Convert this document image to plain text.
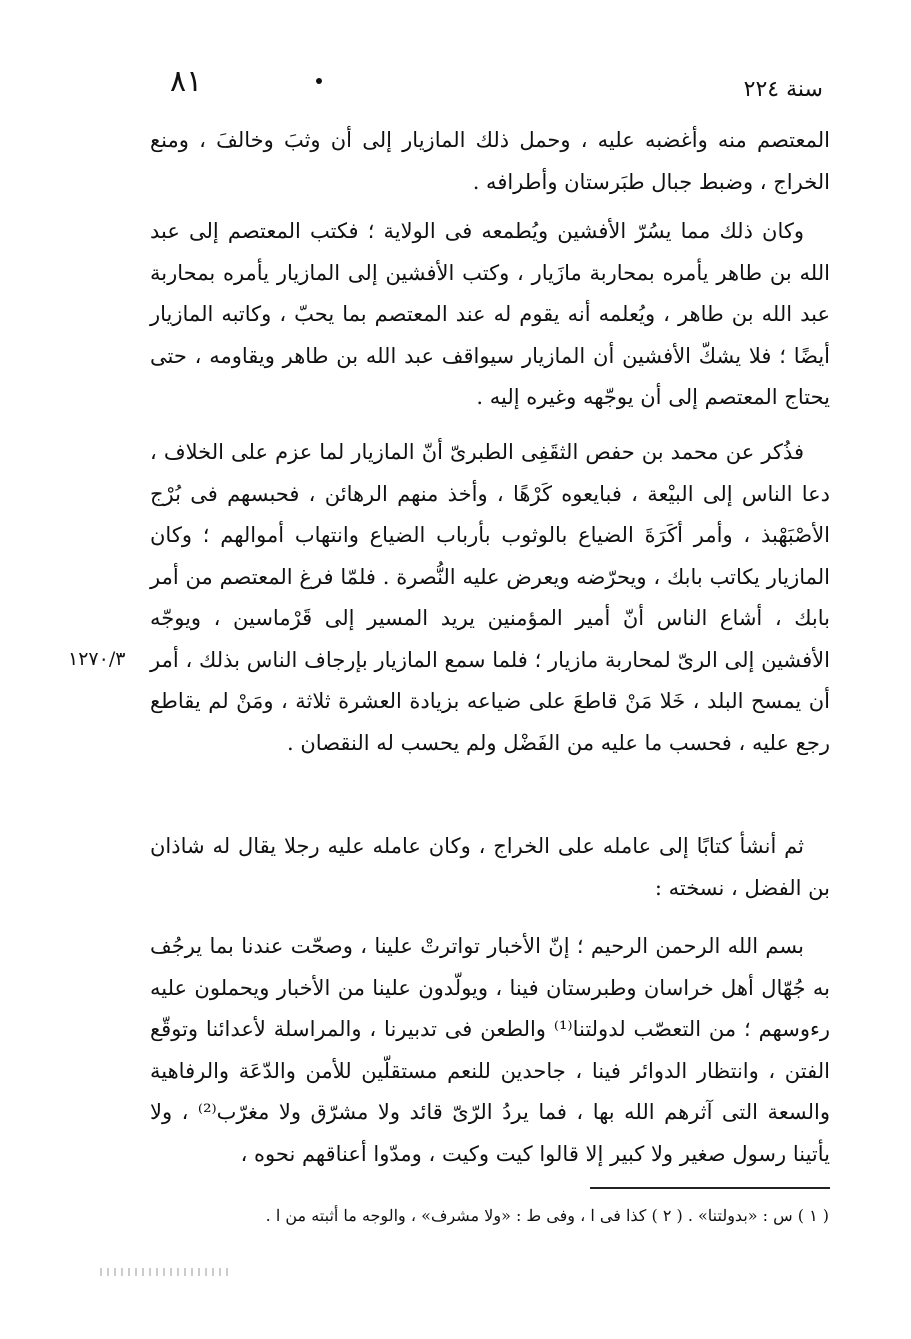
٨١	سنة ٢٢٤

المعتصم منه وأغضبه عليه ، وحمل ذلك المازيار إلى أن وثبَ وخالفَ ، ومنع الخراج ، وضبط جبال طبَرستان وأطرافه .

وكان ذلك مما يسُرّ الأفشين ويُطمعه فى الولاية ؛ فكتب المعتصم إلى عبد الله بن طاهر يأمره بمحاربة مازَيار ، وكتب الأفشين إلى المازيار يأمره بمحاربة عبد الله بن طاهر ، ويُعلمه أنه يقوم له عند المعتصم بما يحبّ ، وكاتبه المازيار أيضًا ؛ فلا يشكّ الأفشين أن المازيار سيواقف عبد الله بن طاهر ويقاومه ، حتى يحتاج المعتصم إلى أن يوجّهه وغيره إليه .

فذُكر عن محمد بن حفص الثقَفِى الطبرىّ أنّ المازيار لما عزم على الخلاف ، دعا الناس إلى البيْعة ، فبايعوه كَرْهًا ، وأخذ منهم الرهائن ، فحبسهم فى بُرْج الأصْبَهْبذ ، وأمر أكَرَةَ الضياع بالوثوب بأرباب الضياع وانتهاب أموالهم ؛ وكان المازيار يكاتب بابك ، ويحرّضه ويعرض عليه النُّصرة . فلمّا فرغ المعتصم من أمر بابك ، أشاع الناس أنّ أمير المؤمنين يريد المسير إلى قَرْماسين ، ويوجّه الأفشين إلى الرىّ لمحاربة مازيار ؛ فلما سمع المازيار بإرجاف الناس بذلك ، أمر أن يمسح البلد ، خَلا مَنْ قاطعَ على ضياعه بزيادة العشرة ثلاثة ، ومَنْ لم يقاطع رجع عليه ، فحسب ما عليه من الفَضْل ولم يحسب له النقصان .

١٢٧٠/٣

ثم أنشأ كتابًا إلى عامله على الخراج ، وكان عامله عليه رجلا يقال له شاذان بن الفضل ، نسخته :

بسم الله الرحمن الرحيم ؛ إنّ الأخبار تواترتْ علينا ، وصحّت عندنا بما يرجُف به جُهّال أهل خراسان وطبرستان فينا ، ويولّدون علينا من الأخبار ويحملون عليه رءوسهم ؛ من التعصّب لدولتنا⁽¹⁾ والطعن فى تدبيرنا ، والمراسلة لأعدائنا وتوقّع الفتن ، وانتظار الدوائر فينا ، جاحدين للنعم مستقلّين للأمن والدّعَة والرفاهية والسعة التى آثرهم الله بها ، فما يردُ الرّىّ قائد ولا مشرّق ولا مغرّب⁽²⁾ ، ولا يأتينا رسول صغير ولا كبير إلا قالوا كيت وكيت ، ومدّوا أعناقهم نحوه ،

( ١ ) س : «بدولتنا» . ( ٢ ) كذا فى ا ، وفى ط : «ولا مشرف» ، والوجه ما أثبته من ا .
